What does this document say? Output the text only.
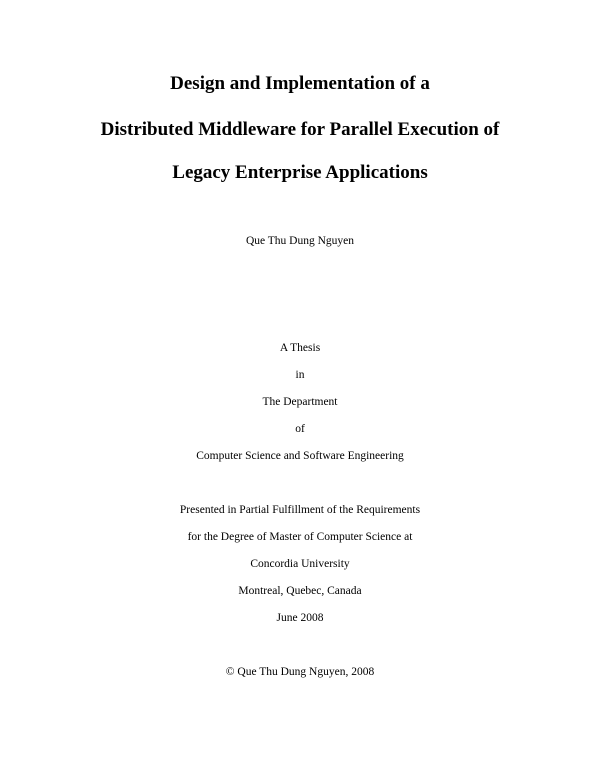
Design and Implementation of a
Distributed Middleware for Parallel Execution of
Legacy Enterprise Applications

Que Thu Dung Nguyen

A Thesis

in

The Department

of

Computer Science and Software Engineering

Presented in Partial Fulfillment of the Requirements

for the Degree of Master of Computer Science at

Concordia University

Montreal, Quebec, Canada

June 2008

© Que Thu Dung Nguyen, 2008
